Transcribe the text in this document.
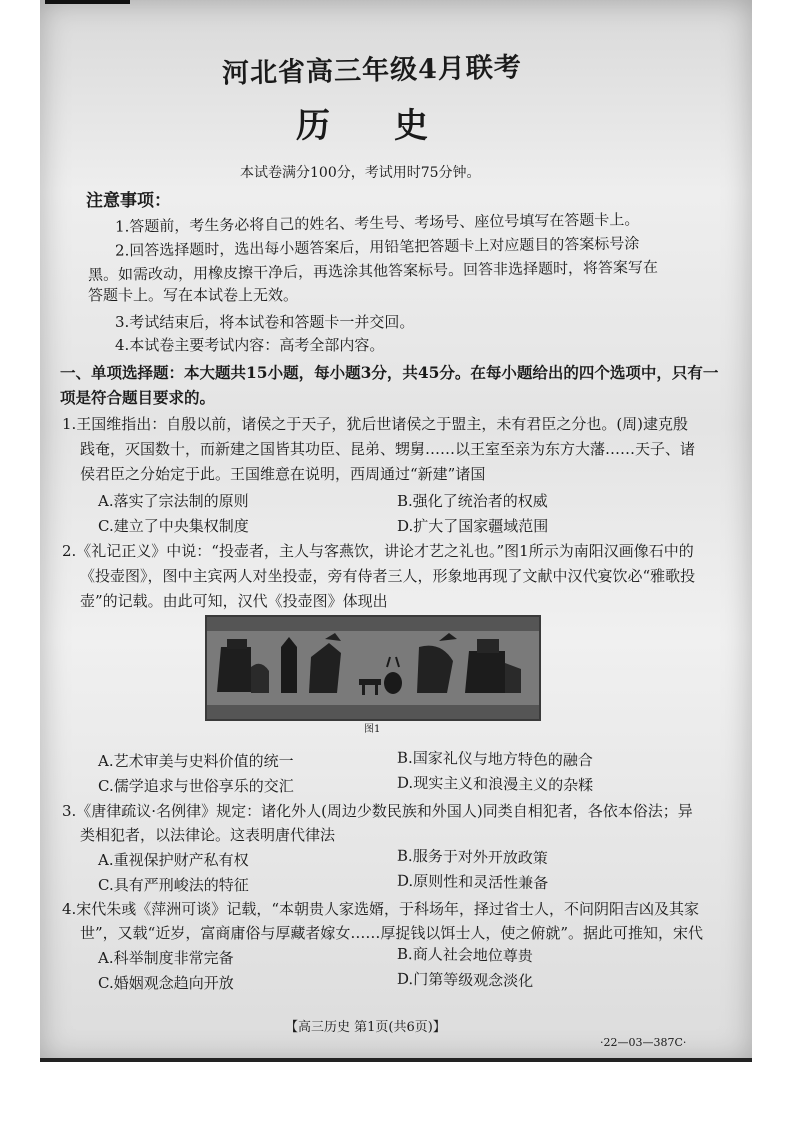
河北省高三年级4月联考
历史
本试卷满分100分，考试用时75分钟。
注意事项：
1.答题前，考生务必将自己的姓名、考生号、考场号、座位号填写在答题卡上。
2.回答选择题时，选出每小题答案后，用铅笔把答题卡上对应题目的答案标号涂
黑。如需改动，用橡皮擦干净后，再选涂其他答案标号。回答非选择题时，将答案写在
答题卡上。写在本试卷上无效。
3.考试结束后，将本试卷和答题卡一并交回。
4.本试卷主要考试内容：高考全部内容。
一、单项选择题：本大题共15小题，每小题3分，共45分。在每小题给出的四个选项中，只有一
项是符合题目要求的。
1.王国维指出：自殷以前，诸侯之于天子，犹后世诸侯之于盟主，未有君臣之分也。(周)逮克殷
践奄，灭国数十，而新建之国皆其功臣、昆弟、甥舅……以王室至亲为东方大藩……天子、诸
侯君臣之分始定于此。王国维意在说明，西周通过“新建”诸国
A.落实了宗法制的原则	B.强化了统治者的权威
C.建立了中央集权制度	D.扩大了国家疆域范围
2.《礼记正义》中说：“投壶者，主人与客燕饮，讲论才艺之礼也。”图1所示为南阳汉画像石中的
《投壶图》，图中主宾两人对坐投壶，旁有侍者三人，形象地再现了文献中汉代宴饮必“雅歌投
壶”的记载。由此可知，汉代《投壶图》体现出
图1
A.艺术审美与史料价值的统一	B.国家礼仪与地方特色的融合
C.儒学追求与世俗享乐的交汇	D.现实主义和浪漫主义的杂糅
3.《唐律疏议·名例律》规定：诸化外人(周边少数民族和外国人)同类自相犯者，各依本俗法；异
类相犯者，以法律论。这表明唐代律法
A.重视保护财产私有权	B.服务于对外开放政策
C.具有严刑峻法的特征	D.原则性和灵活性兼备
4.宋代朱彧《萍洲可谈》记载，“本朝贵人家选婿，于科场年，择过省士人，不问阴阳吉凶及其家
世”，又载“近岁，富商庸俗与厚藏者嫁女……厚捉钱以饵士人，使之俯就”。据此可推知，宋代
A.科举制度非常完备	B.商人社会地位尊贵
C.婚姻观念趋向开放	D.门第等级观念淡化
【高三历史 第1页(共6页)】
·22—03—387C·
